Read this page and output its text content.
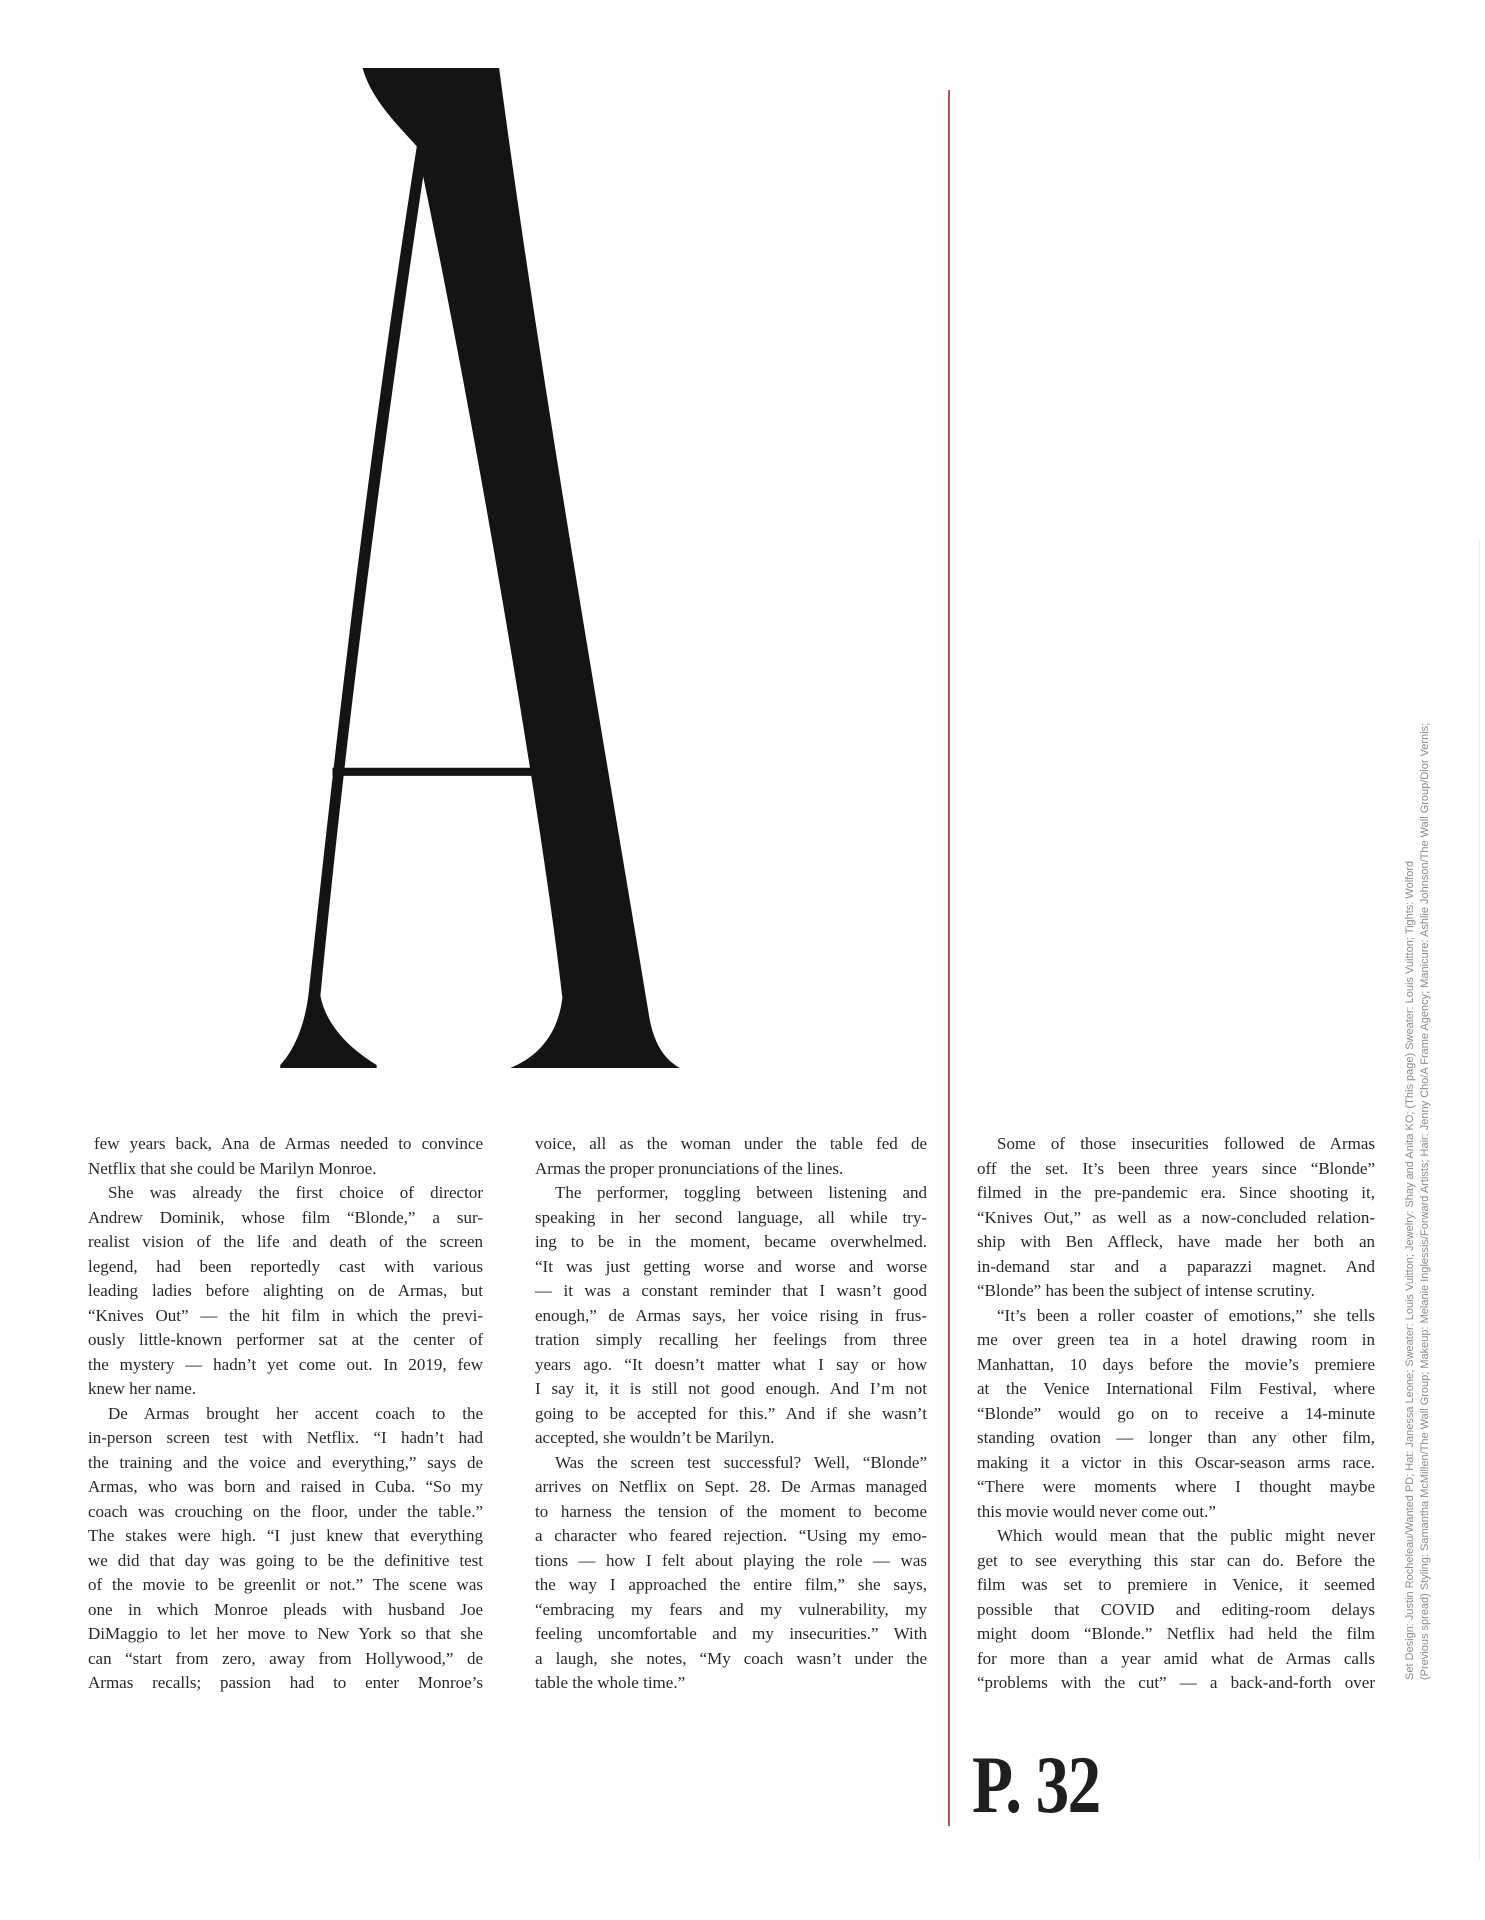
few years back, Ana de Armas needed to convince
Netflix that she could be Marilyn Monroe.
She was already the first choice of director
Andrew Dominik, whose film “Blonde,” a sur-
realist vision of the life and death of the screen
legend, had been reportedly cast with various
leading ladies before alighting on de Armas, but
“Knives Out” — the hit film in which the previ-
ously little-known performer sat at the center of
the mystery — hadn’t yet come out. In 2019, few
knew her name.
De Armas brought her accent coach to the
in-person screen test with Netflix. “I hadn’t had
the training and the voice and everything,” says de
Armas, who was born and raised in Cuba. “So my
coach was crouching on the floor, under the table.”
The stakes were high. “I just knew that everything
we did that day was going to be the definitive test
of the movie to be greenlit or not.” The scene was
one in which Monroe pleads with husband Joe
DiMaggio to let her move to New York so that she
can “start from zero, away from Hollywood,” de
Armas recalls; passion had to enter Monroe’s
voice, all as the woman under the table fed de
Armas the proper pronunciations of the lines.
The performer, toggling between listening and
speaking in her second language, all while try-
ing to be in the moment, became overwhelmed.
“It was just getting worse and worse and worse
— it was a constant reminder that I wasn’t good
enough,” de Armas says, her voice rising in frus-
tration simply recalling her feelings from three
years ago. “It doesn’t matter what I say or how
I say it, it is still not good enough. And I’m not
going to be accepted for this.” And if she wasn’t
accepted, she wouldn’t be Marilyn.
Was the screen test successful? Well, “Blonde”
arrives on Netflix on Sept. 28. De Armas managed
to harness the tension of the moment to become
a character who feared rejection. “Using my emo-
tions — how I felt about playing the role — was
the way I approached the entire film,” she says,
“embracing my fears and my vulnerability, my
feeling uncomfortable and my insecurities.” With
a laugh, she notes, “My coach wasn’t under the
table the whole time.”
Some of those insecurities followed de Armas
off the set. It’s been three years since “Blonde”
filmed in the pre-pandemic era. Since shooting it,
“Knives Out,” as well as a now-concluded relation-
ship with Ben Affleck, have made her both an
in-demand star and a paparazzi magnet. And
“Blonde” has been the subject of intense scrutiny.
“It’s been a roller coaster of emotions,” she tells
me over green tea in a hotel drawing room in
Manhattan, 10 days before the movie’s premiere
at the Venice International Film Festival, where
“Blonde” would go on to receive a 14-minute
standing ovation — longer than any other film,
making it a victor in this Oscar-season arms race.
“There were moments where I thought maybe
this movie would never come out.”
Which would mean that the public might never
get to see everything this star can do. Before the
film was set to premiere in Venice, it seemed
possible that COVID and editing-room delays
might doom “Blonde.” Netflix had held the film
for more than a year amid what de Armas calls
“problems with the cut” — a back-and-forth over
Set Design: Justin Rocheleau/Wanted PD; Hat: Janessa Leone; Sweater: Louis Vuitton; Jewelry: Shay and Anita KO; (This page) Sweater: Louis Vuitton; Tights: Wolford (Previous spread) Styling: Samantha McMillen/The Wall Group; Makeup: Melanie Inglessis/Forward Artists; Hair: Jenny Cho/A Frame Agency; Manicure: Ashlie Johnson/The Wall Group/Dior Vernis;
P. 32
